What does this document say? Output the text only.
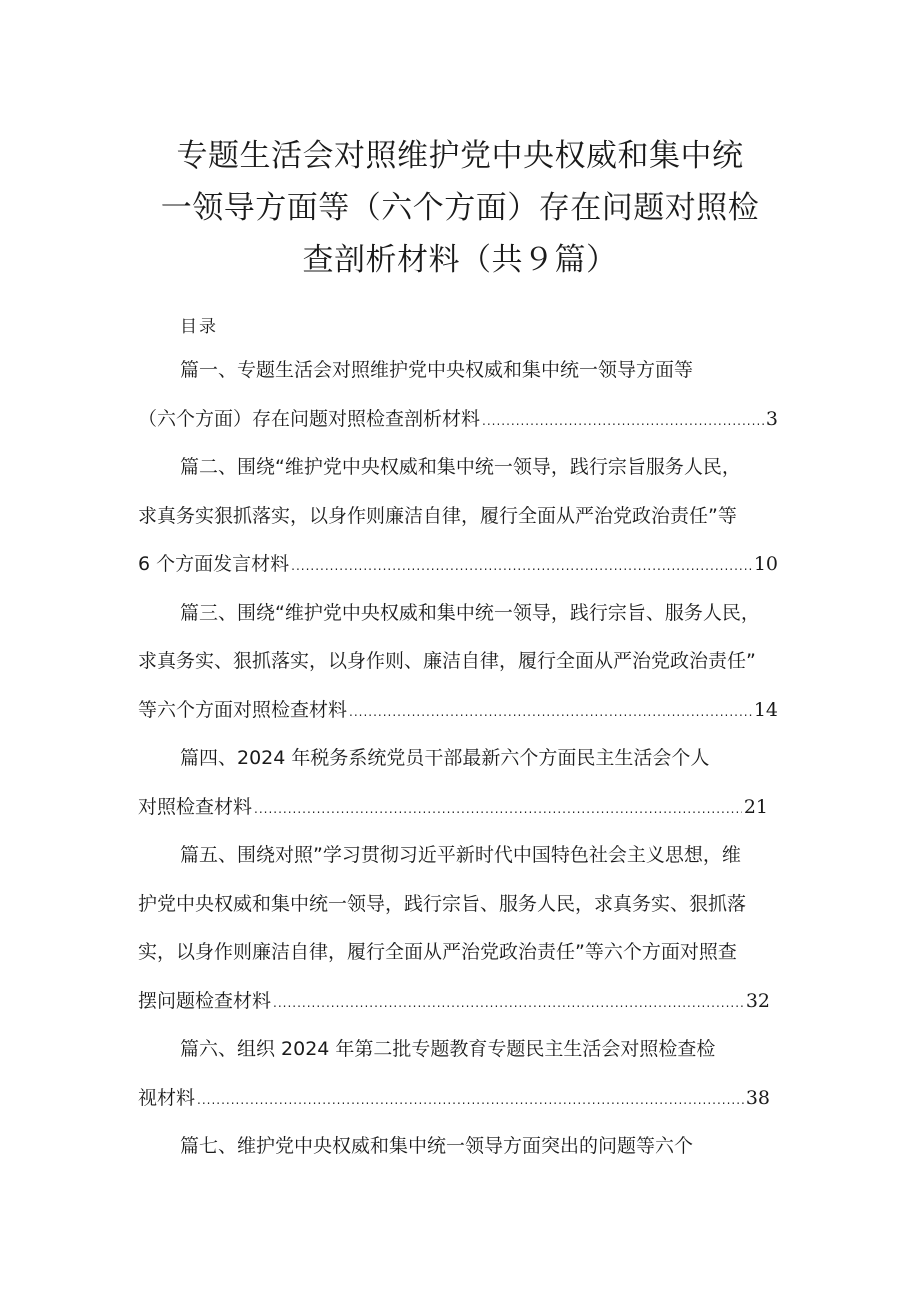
专题生活会对照维护党中央权威和集中统
一领导方面等（六个方面）存在问题对照检
查剖析材料（共９篇）
目录
篇一、专题生活会对照维护党中央权威和集中统一领导方面等
（六个方面）存在问题对照检查剖析材料 .....	3
篇二、围绕“维护党中央权威和集中统一领导，践行宗旨服务人民，
求真务实狠抓落实，以身作则廉洁自律，履行全面从严治党政治责任”等
6 个方面发言材料 .....	10
篇三、围绕“维护党中央权威和集中统一领导，践行宗旨、服务人民，
求真务实、狠抓落实，以身作则、廉洁自律，履行全面从严治党政治责任”
等六个方面对照检查材料 .....	14
篇四、2024 年税务系统党员干部最新六个方面民主生活会个人
对照检查材料 .....	21
篇五、围绕对照”学习贯彻习近平新时代中国特色社会主义思想，维
护党中央权威和集中统一领导，践行宗旨、服务人民，求真务实、狠抓落
实，以身作则廉洁自律，履行全面从严治党政治责任”等六个方面对照查
摆问题检查材料 .....	32
篇六、组织 2024 年第二批专题教育专题民主生活会对照检查检
视材料 .....	38
篇七、维护党中央权威和集中统一领导方面突出的问题等六个
